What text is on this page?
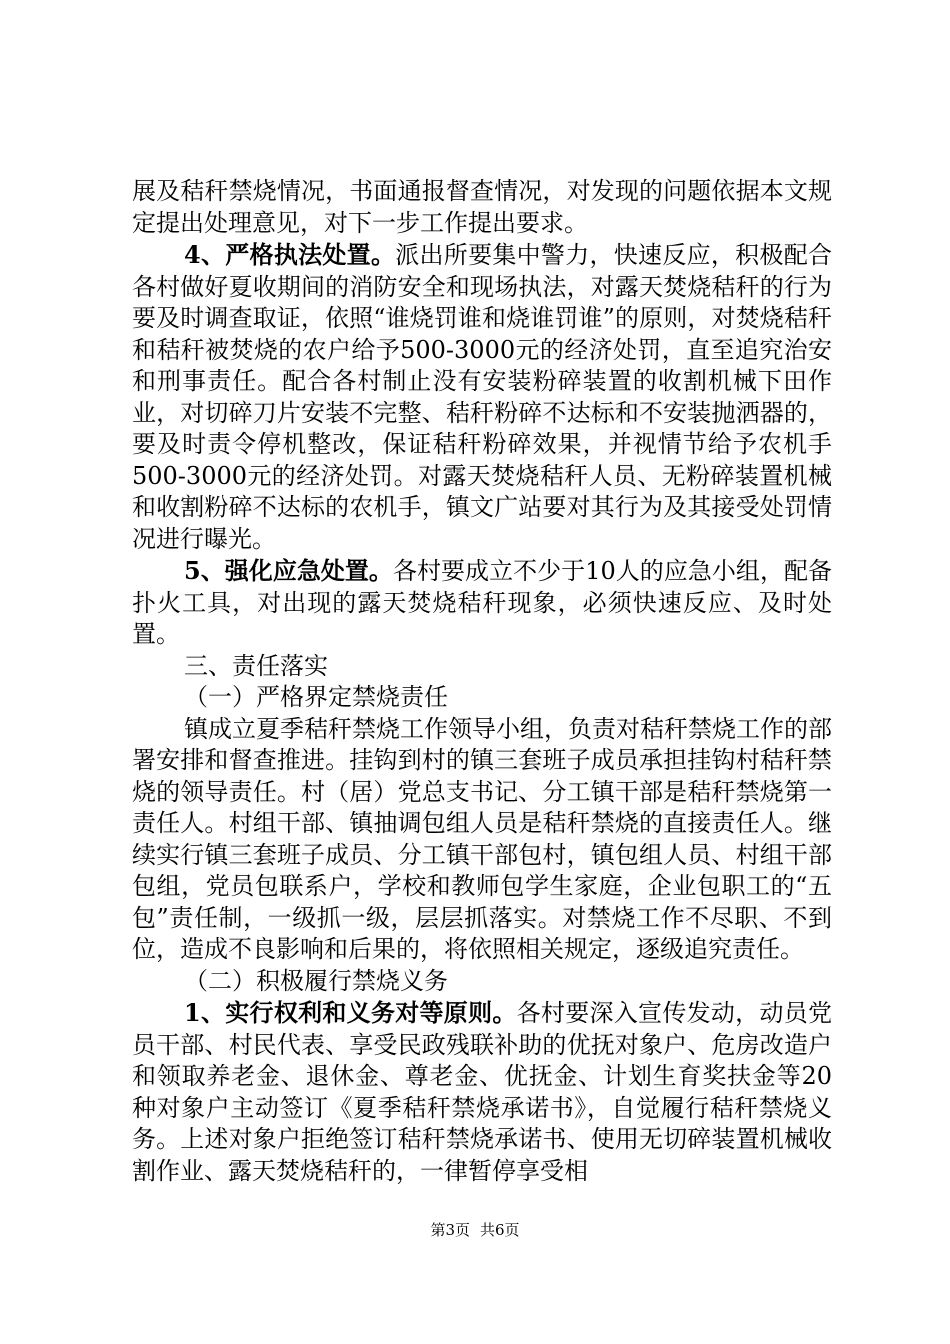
展及秸秆禁烧情况，书面通报督查情况，对发现的问题依据本文规定提出处理意见，对下一步工作提出要求。

4、严格执法处置。派出所要集中警力，快速反应，积极配合各村做好夏收期间的消防安全和现场执法，对露天焚烧秸秆的行为要及时调查取证，依照“谁烧罚谁和烧谁罚谁”的原则，对焚烧秸秆和秸秆被焚烧的农户给予500-3000元的经济处罚，直至追究治安和刑事责任。配合各村制止没有安装粉碎装置的收割机械下田作业，对切碎刀片安装不完整、秸秆粉碎不达标和不安装抛洒器的，要及时责令停机整改，保证秸秆粉碎效果，并视情节给予农机手500-3000元的经济处罚。对露天焚烧秸秆人员、无粉碎装置机械和收割粉碎不达标的农机手，镇文广站要对其行为及其接受处罚情况进行曝光。

5、强化应急处置。各村要成立不少于10人的应急小组，配备扑火工具，对出现的露天焚烧秸秆现象，必须快速反应、及时处置。

三、责任落实

（一）严格界定禁烧责任

镇成立夏季秸秆禁烧工作领导小组，负责对秸秆禁烧工作的部署安排和督查推进。挂钩到村的镇三套班子成员承担挂钩村秸秆禁烧的领导责任。村（居）党总支书记、分工镇干部是秸秆禁烧第一责任人。村组干部、镇抽调包组人员是秸秆禁烧的直接责任人。继续实行镇三套班子成员、分工镇干部包村，镇包组人员、村组干部包组，党员包联系户，学校和教师包学生家庭，企业包职工的“五包”责任制，一级抓一级，层层抓落实。对禁烧工作不尽职、不到位，造成不良影响和后果的，将依照相关规定，逐级追究责任。

（二）积极履行禁烧义务

1、实行权利和义务对等原则。各村要深入宣传发动，动员党员干部、村民代表、享受民政残联补助的优抚对象户、危房改造户和领取养老金、退休金、尊老金、优抚金、计划生育奖扶金等20种对象户主动签订《夏季秸秆禁烧承诺书》，自觉履行秸秆禁烧义务。上述对象户拒绝签订秸秆禁烧承诺书、使用无切碎装置机械收割作业、露天焚烧秸秆的，一律暂停享受相

第3页 共6页
